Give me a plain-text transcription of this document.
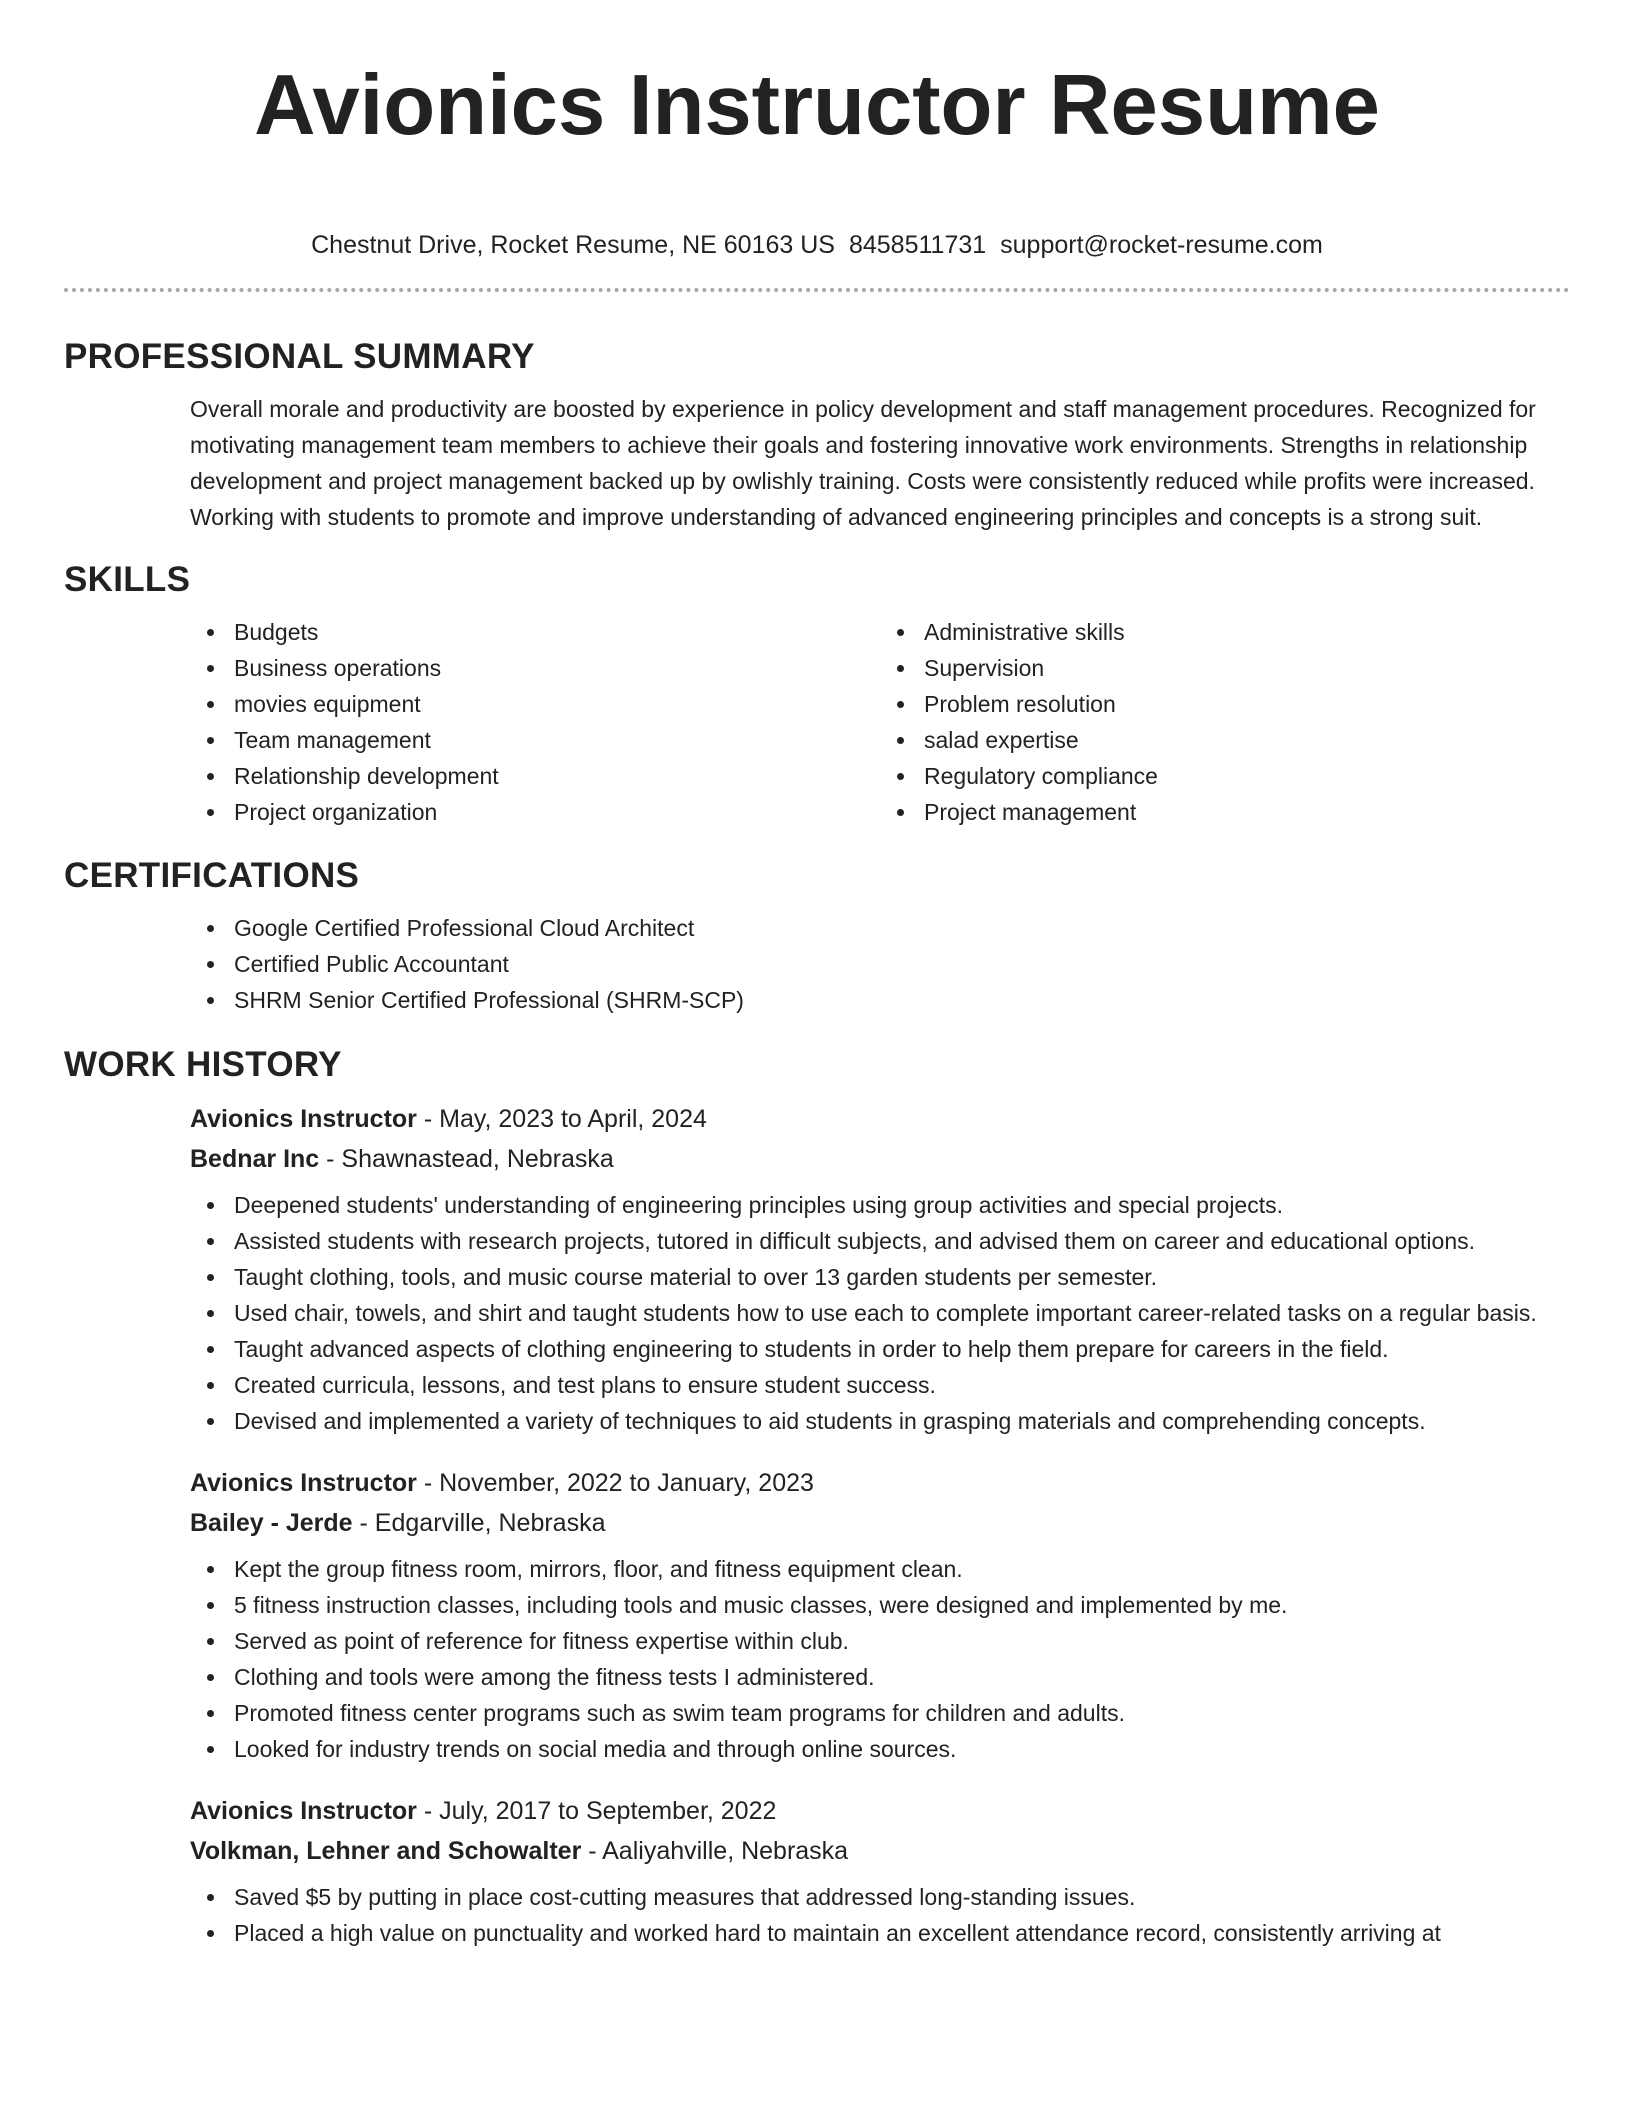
Avionics Instructor Resume
Chestnut Drive, Rocket Resume, NE 60163 US 8458511731 support@rocket-resume.com
PROFESSIONAL SUMMARY

Overall morale and productivity are boosted by experience in policy development and staff management procedures. Recognized for motivating management team members to achieve their goals and fostering innovative work environments. Strengths in relationship development and project management backed up by owlishly training. Costs were consistently reduced while profits were increased. Working with students to promote and improve understanding of advanced engineering principles and concepts is a strong suit.

SKILLS
Budgets
Business operations
movies equipment
Team management
Relationship development
Project organization
Administrative skills
Supervision
Problem resolution
salad expertise
Regulatory compliance
Project management
CERTIFICATIONS
Google Certified Professional Cloud Architect
Certified Public Accountant
SHRM Senior Certified Professional (SHRM-SCP)
WORK HISTORY

Avionics Instructor - May, 2023 to April, 2024

Bednar Inc - Shawnastead, Nebraska

Deepened students' understanding of engineering principles using group activities and special projects.
Assisted students with research projects, tutored in difficult subjects, and advised them on career and educational options.
Taught clothing, tools, and music course material to over 13 garden students per semester.
Used chair, towels, and shirt and taught students how to use each to complete important career-related tasks on a regular basis.
Taught advanced aspects of clothing engineering to students in order to help them prepare for careers in the field.
Created curricula, lessons, and test plans to ensure student success.
Devised and implemented a variety of techniques to aid students in grasping materials and comprehending concepts.

Avionics Instructor - November, 2022 to January, 2023

Bailey - Jerde - Edgarville, Nebraska

Kept the group fitness room, mirrors, floor, and fitness equipment clean.
5 fitness instruction classes, including tools and music classes, were designed and implemented by me.
Served as point of reference for fitness expertise within club.
Clothing and tools were among the fitness tests I administered.
Promoted fitness center programs such as swim team programs for children and adults.
Looked for industry trends on social media and through online sources.

Avionics Instructor - July, 2017 to September, 2022

Volkman, Lehner and Schowalter - Aaliyahville, Nebraska

Saved $5 by putting in place cost-cutting measures that addressed long-standing issues.
Placed a high value on punctuality and worked hard to maintain an excellent attendance record, consistently arriving at
